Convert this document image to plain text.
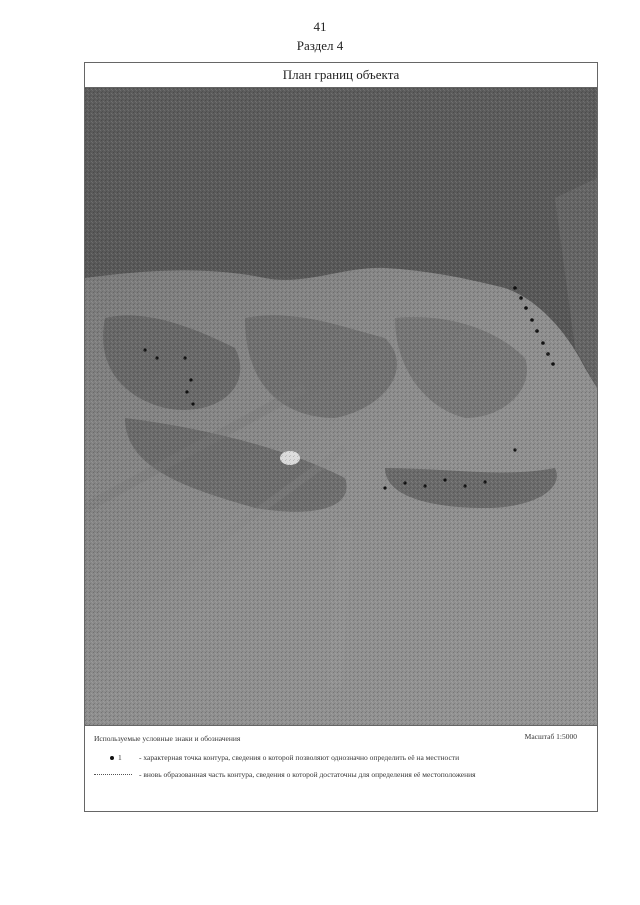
41
Раздел 4
План границ объекта
Используемые условные знаки и обозначения	Масштаб 1:5000
1 - характерная точка контура, сведения о которой позволяют однозначно определить её на местности
- вновь образованная часть контура, сведения о которой достаточны для определения её местоположения
